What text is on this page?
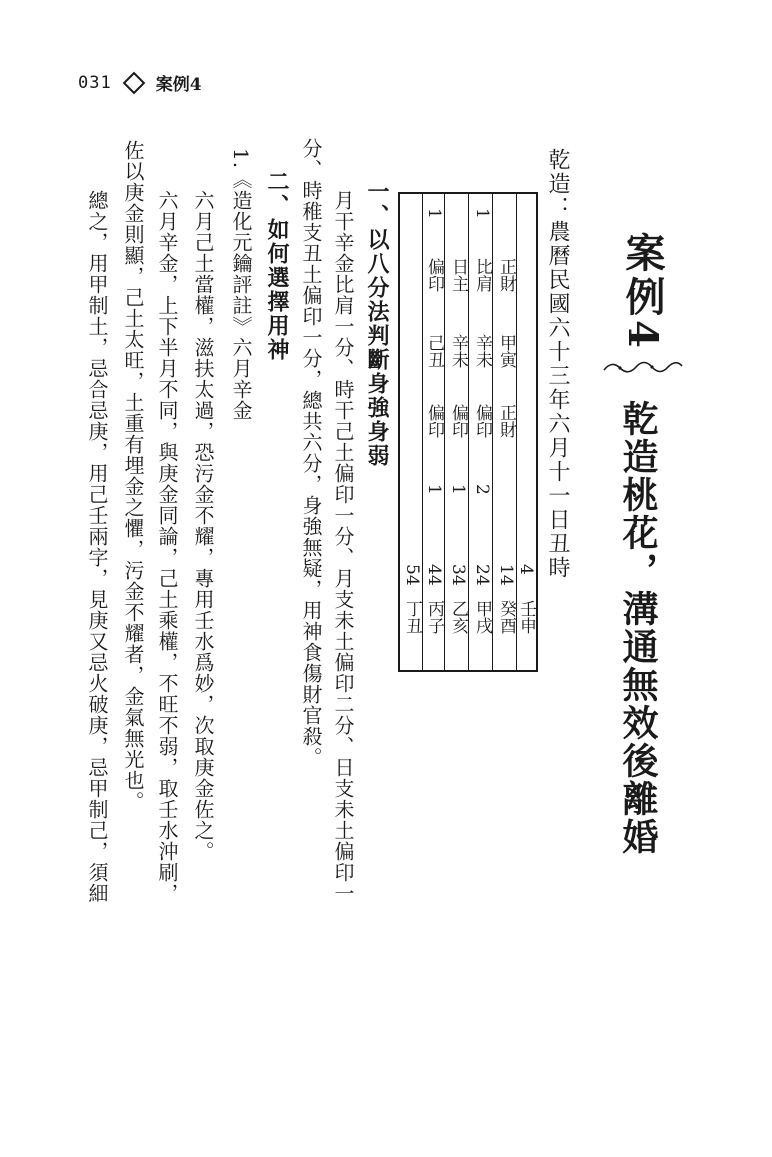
031	案例4
案例4
乾造桃花，溝通無效後離婚
乾造：農曆民國六十三年六月十一日丑時
4
14
24
2
34
1
44
1
54
壬申
癸酉
甲戌
乙亥
丙子
丁丑
正財
偏印
偏印
偏印
甲寅
辛未
辛未
己丑
正財
比肩
日主
偏印
1
1
一、以八分法判斷身強身弱
月干辛金比肩一分、時干己土偏印一分、月支未土偏印二分、日支未土偏印一
分、時稚支丑土偏印一分，總共六分，身強無疑，用神食傷財官殺。
二、如何選擇用神
1.《造化元鑰評註》六月辛金
六月己土當權，滋扶太過，恐污金不耀，專用壬水爲妙，次取庚金佐之。
六月辛金，上下半月不同，與庚金同論，己土乘權，不旺不弱，取壬水沖刷，
佐以庚金則顯，己土太旺，土重有埋金之懼，污金不耀者，金氣無光也。
總之，用甲制土，忌合忌庚，用己壬兩字，見庚又忌火破庚，忌甲制己，須細
